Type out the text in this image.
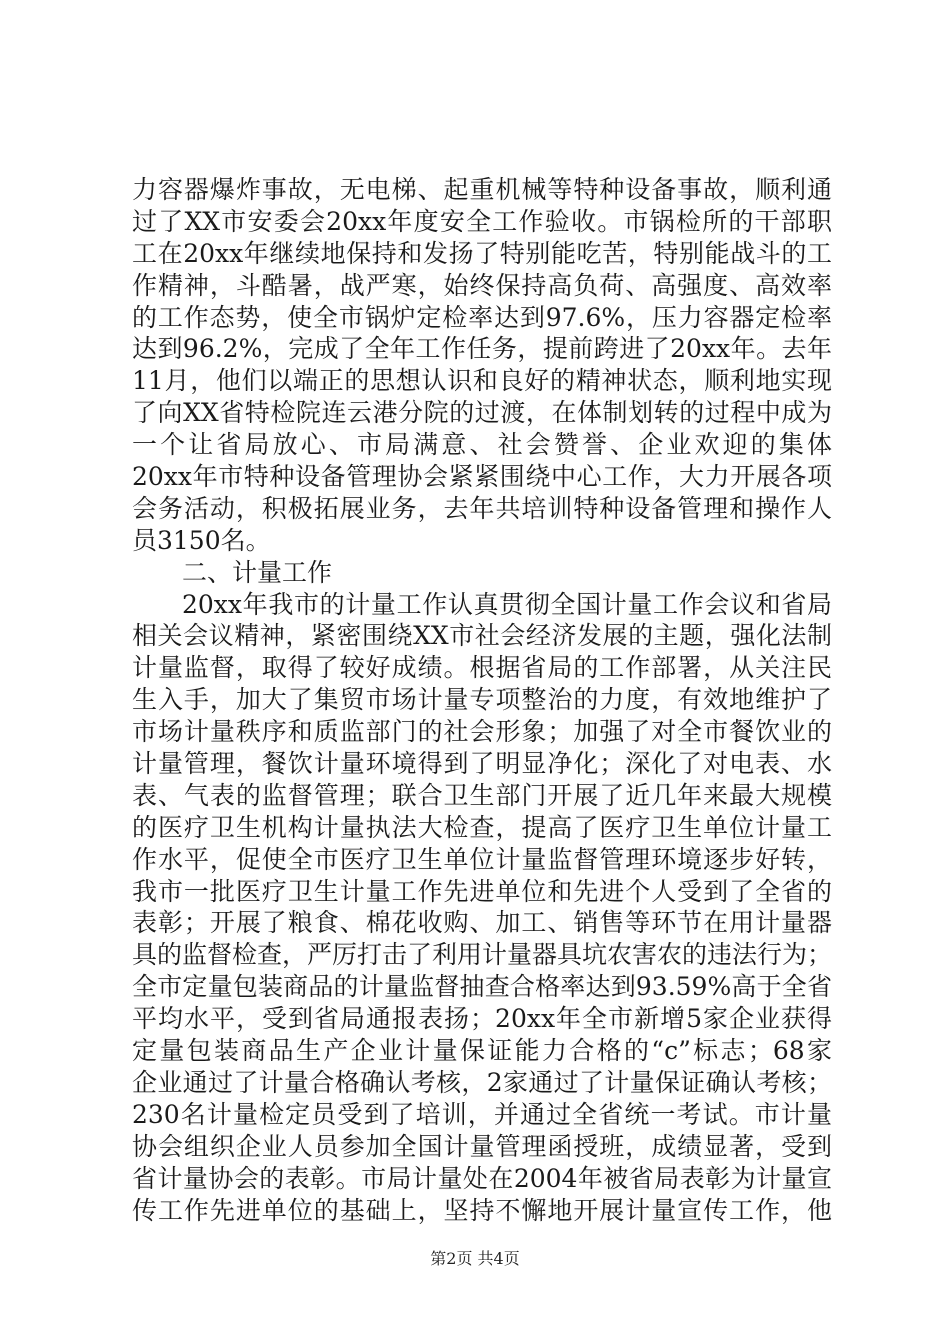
力容器爆炸事故，无电梯、起重机械等特种设备事故，顺利通
过了XX市安委会20xx年度安全工作验收。市锅检所的干部职
工在20xx年继续地保持和发扬了特别能吃苦，特别能战斗的工
作精神，斗酷暑，战严寒，始终保持高负荷、高强度、高效率
的工作态势，使全市锅炉定检率达到97.6%，压力容器定检率
达到96.2%，完成了全年工作任务，提前跨进了20xx年。去年
11月，他们以端正的思想认识和良好的精神状态，顺利地实现
了向XX省特检院连云港分院的过渡，在体制划转的过程中成为
一个让省局放心、市局满意、社会赞誉、企业欢迎的集体
20xx年市特种设备管理协会紧紧围绕中心工作，大力开展各项
会务活动，积极拓展业务，去年共培训特种设备管理和操作人
员3150名。
二、计量工作
20xx年我市的计量工作认真贯彻全国计量工作会议和省局
相关会议精神，紧密围绕XX市社会经济发展的主题，强化法制
计量监督，取得了较好成绩。根据省局的工作部署，从关注民
生入手，加大了集贸市场计量专项整治的力度，有效地维护了
市场计量秩序和质监部门的社会形象；加强了对全市餐饮业的
计量管理，餐饮计量环境得到了明显净化；深化了对电表、水
表、气表的监督管理；联合卫生部门开展了近几年来最大规模
的医疗卫生机构计量执法大检查，提高了医疗卫生单位计量工
作水平，促使全市医疗卫生单位计量监督管理环境逐步好转，
我市一批医疗卫生计量工作先进单位和先进个人受到了全省的
表彰；开展了粮食、棉花收购、加工、销售等环节在用计量器
具的监督检查，严厉打击了利用计量器具坑农害农的违法行为；
全市定量包装商品的计量监督抽查合格率达到93.59%高于全省
平均水平，受到省局通报表扬；20xx年全市新增5家企业获得
定量包装商品生产企业计量保证能力合格的“c”标志；68家
企业通过了计量合格确认考核，2家通过了计量保证确认考核；
230名计量检定员受到了培训，并通过全省统一考试。市计量
协会组织企业人员参加全国计量管理函授班，成绩显著，受到
省计量协会的表彰。市局计量处在2004年被省局表彰为计量宣
传工作先进单位的基础上，坚持不懈地开展计量宣传工作，他
第2页 共4页
